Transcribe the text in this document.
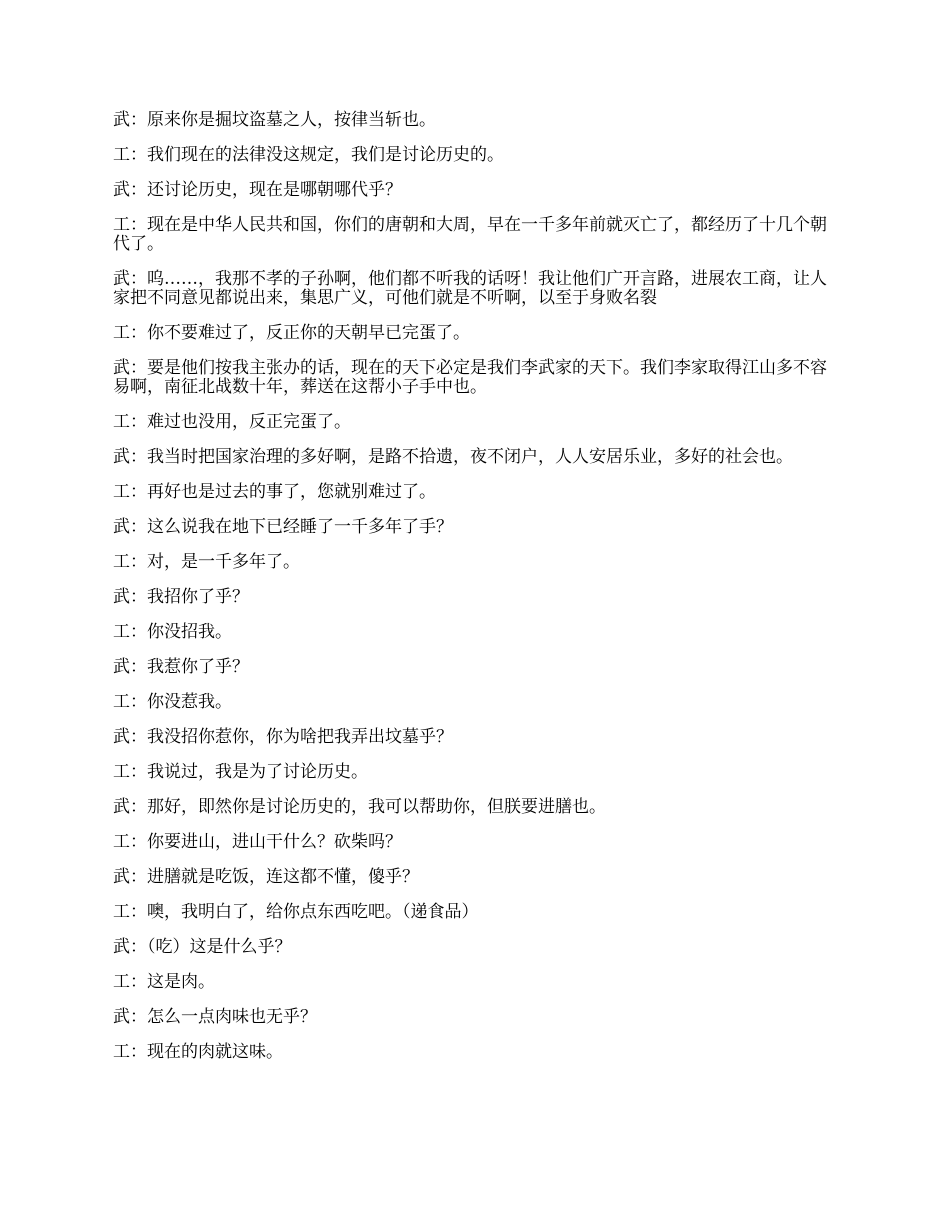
武：原来你是掘坟盗墓之人，按律当斩也。

工：我们现在的法律没这规定，我们是讨论历史的。

武：还讨论历史，现在是哪朝哪代乎？

工：现在是中华人民共和国，你们的唐朝和大周，早在一千多年前就灭亡了，都经历了十几个朝代了。

武：呜……，我那不孝的子孙啊，他们都不听我的话呀！我让他们广开言路，进展农工商，让人家把不同意见都说出来，集思广义，可他们就是不听啊，以至于身败名裂

工：你不要难过了，反正你的天朝早已完蛋了。

武：要是他们按我主张办的话，现在的天下必定是我们李武家的天下。我们李家取得江山多不容易啊，南征北战数十年，葬送在这帮小子手中也。

工：难过也没用，反正完蛋了。

武：我当时把国家治理的多好啊，是路不拾遗，夜不闭户，人人安居乐业，多好的社会也。

工：再好也是过去的事了，您就别难过了。

武：这么说我在地下已经睡了一千多年了手？

工：对，是一千多年了。

武：我招你了乎？

工：你没招我。

武：我惹你了乎？

工：你没惹我。

武：我没招你惹你，你为啥把我弄出坟墓乎？

工：我说过，我是为了讨论历史。

武：那好，即然你是讨论历史的，我可以帮助你，但朕要进膳也。

工：你要进山，进山干什么？砍柴吗？

武：进膳就是吃饭，连这都不懂，傻乎？

工：噢，我明白了，给你点东西吃吧。（递食品）

武：（吃）这是什么乎？

工：这是肉。

武：怎么一点肉味也无乎？

工：现在的肉就这味。
